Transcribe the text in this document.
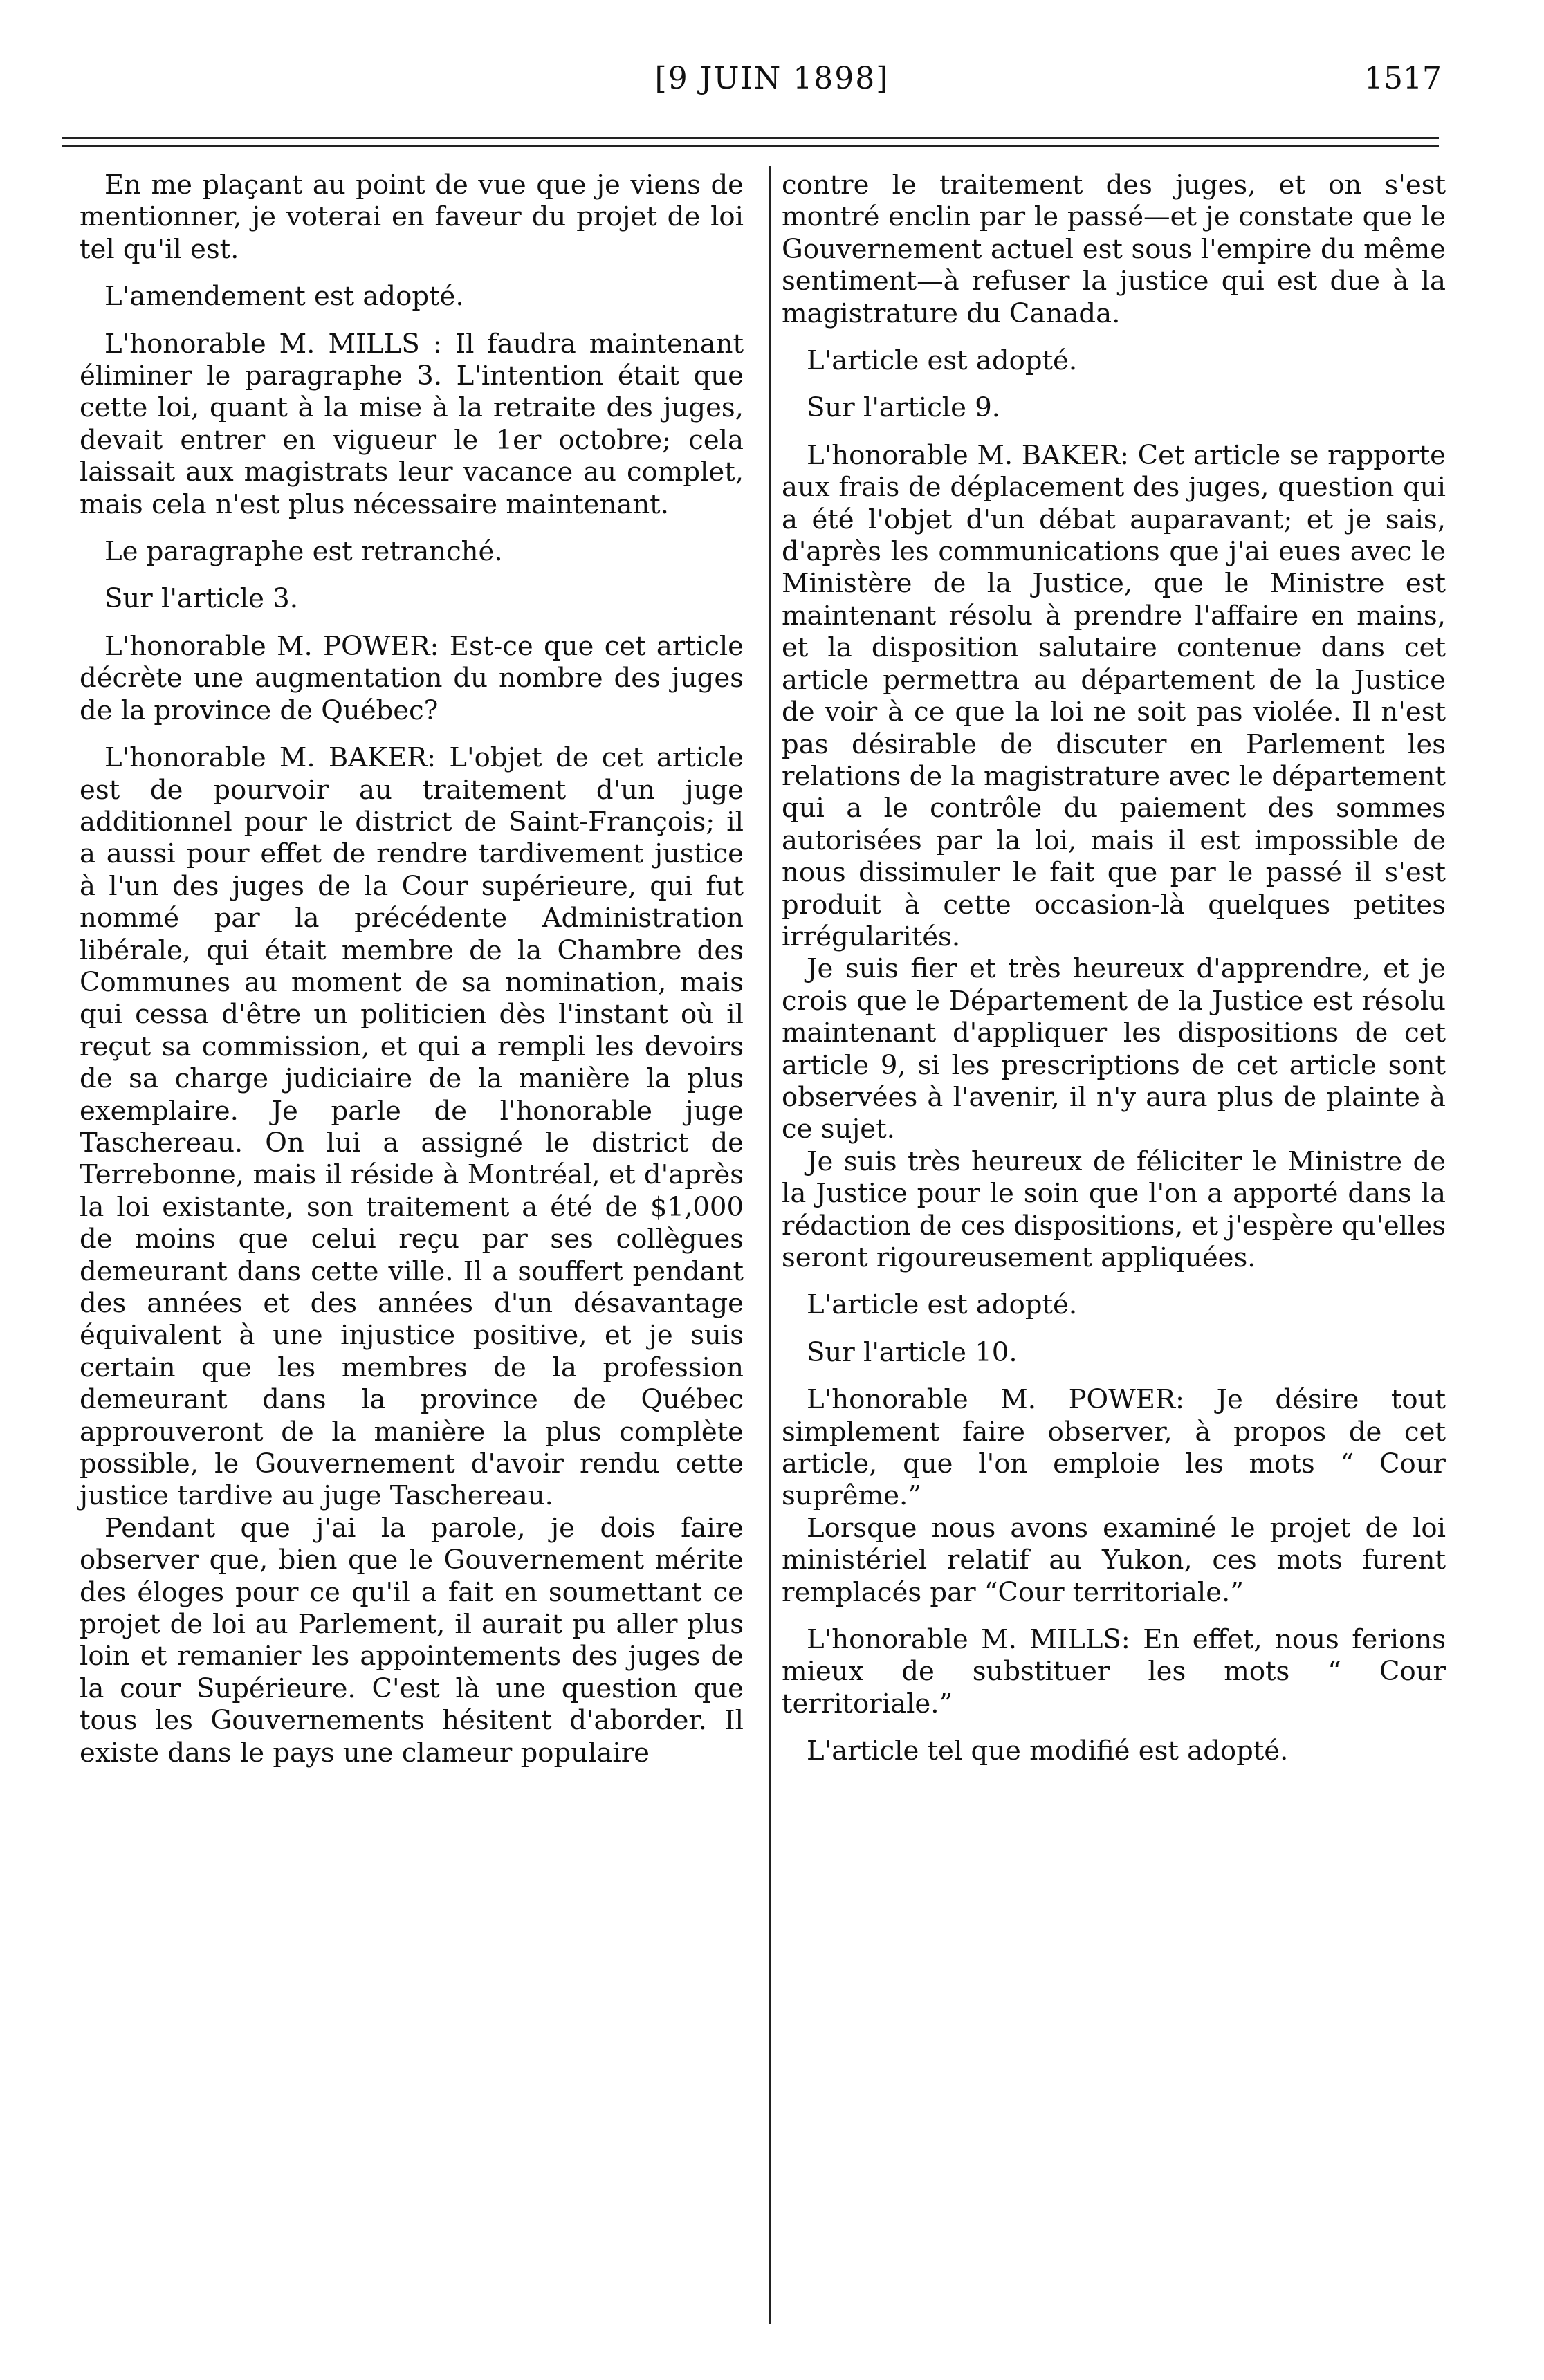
[9 JUIN 1898]	1517

En me plaçant au point de vue que je viens de mentionner, je voterai en faveur du projet de loi tel qu'il est.

L'amendement est adopté.

L'honorable M. MILLS : Il faudra maintenant éliminer le paragraphe 3. L'intention était que cette loi, quant à la mise à la retraite des juges, devait entrer en vigueur le 1er octobre; cela laissait aux magistrats leur vacance au complet, mais cela n'est plus nécessaire maintenant.

Le paragraphe est retranché.

Sur l'article 3.

L'honorable M. POWER: Est-ce que cet article décrète une augmentation du nombre des juges de la province de Québec?

L'honorable M. BAKER: L'objet de cet article est de pourvoir au traitement d'un juge additionnel pour le district de Saint-François; il a aussi pour effet de rendre tardivement justice à l'un des juges de la Cour supérieure, qui fut nommé par la précédente Administration libérale, qui était membre de la Chambre des Communes au moment de sa nomination, mais qui cessa d'être un politicien dès l'instant où il reçut sa commission, et qui a rempli les devoirs de sa charge judiciaire de la manière la plus exemplaire. Je parle de l'honorable juge Taschereau. On lui a assigné le district de Terrebonne, mais il réside à Montréal, et d'après la loi existante, son traitement a été de $1,000 de moins que celui reçu par ses collègues demeurant dans cette ville. Il a souffert pendant des années et des années d'un désavantage équivalent à une injustice positive, et je suis certain que les membres de la profession demeurant dans la province de Québec approuveront de la manière la plus complète possible, le Gouvernement d'avoir rendu cette justice tardive au juge Taschereau.

Pendant que j'ai la parole, je dois faire observer que, bien que le Gouvernement mérite des éloges pour ce qu'il a fait en soumettant ce projet de loi au Parlement, il aurait pu aller plus loin et remanier les appointements des juges de la cour Supérieure. C'est là une question que tous les Gouvernements hésitent d'aborder. Il existe dans le pays une clameur populaire

contre le traitement des juges, et on s'est montré enclin par le passé—et je constate que le Gouvernement actuel est sous l'empire du même sentiment—à refuser la justice qui est due à la magistrature du Canada.

L'article est adopté.

Sur l'article 9.

L'honorable M. BAKER: Cet article se rapporte aux frais de déplacement des juges, question qui a été l'objet d'un débat auparavant; et je sais, d'après les communications que j'ai eues avec le Ministère de la Justice, que le Ministre est maintenant résolu à prendre l'affaire en mains, et la disposition salutaire contenue dans cet article permettra au département de la Justice de voir à ce que la loi ne soit pas violée. Il n'est pas désirable de discuter en Parlement les relations de la magistrature avec le département qui a le contrôle du paiement des sommes autorisées par la loi, mais il est impossible de nous dissimuler le fait que par le passé il s'est produit à cette occasion-là quelques petites irrégularités.

Je suis fier et très heureux d'apprendre, et je crois que le Département de la Justice est résolu maintenant d'appliquer les dispositions de cet article 9, si les prescriptions de cet article sont observées à l'avenir, il n'y aura plus de plainte à ce sujet.

Je suis très heureux de féliciter le Ministre de la Justice pour le soin que l'on a apporté dans la rédaction de ces dispositions, et j'espère qu'elles seront rigoureusement appliquées.

L'article est adopté.

Sur l'article 10.

L'honorable M. POWER: Je désire tout simplement faire observer, à propos de cet article, que l'on emploie les mots “ Cour suprême.”

Lorsque nous avons examiné le projet de loi ministériel relatif au Yukon, ces mots furent remplacés par “Cour territoriale.”

L'honorable M. MILLS: En effet, nous ferions mieux de substituer les mots “ Cour territoriale.”

L'article tel que modifié est adopté.
